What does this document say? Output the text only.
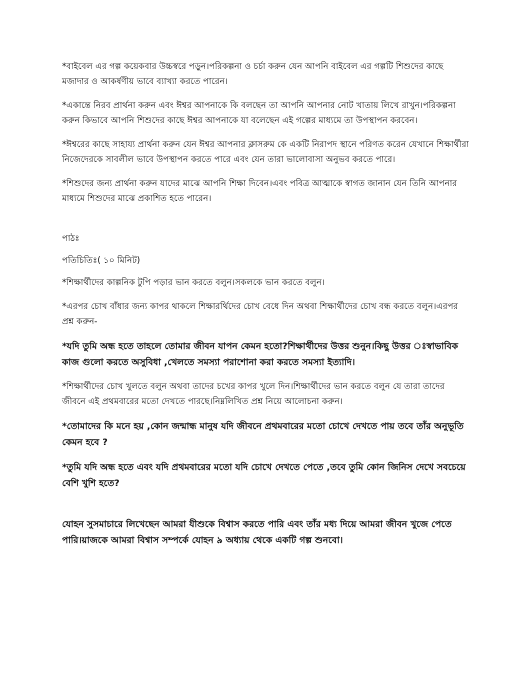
*বাইবেল এর গল্প কয়েকবার উচ্চস্বরে পড়ুন।পরিকল্পনা ও চর্চা করুন যেন আপনি বাইবেল এর গল্পটি শিশুদের কাছে মজাদার ও আকর্ষণীয় ভাবে ব্যাখ্যা করতে পারেন।

*একান্তে নিরব প্রার্থনা করুন এবং ঈশ্বর আপনাকে কি বলছেন তা আপনি আপনার নোট খাতায় লিখে রাখুন।পরিকল্পনা করুন কিভাবে আপনি শিশুদের কাছে ঈশ্বর আপনাকে যা বলেছেন এই গল্পের মাধ্যমে তা উপস্থাপন করবেন।

*ঈশ্বরের কাছে সাহায্য প্রার্থনা করুন যেন ঈশ্বর আপনার ক্লাসরুম কে একটি নিরাপদ স্থানে পরিণত করেন যেখানে শিক্ষার্থীরা নিজেদেরকে সাবলীল ভাবে উপস্থাপন করতে পারে এবং যেন তারা ভালোবাসা অনুভব করতে পারে।

*শিশুদের জন্য প্রার্থনা করুন যাদের মাঝে আপনি শিক্ষা দিবেন।এবং পবিত্র আত্মাকে স্বাগত জানান যেন তিনি আপনার মাধ্যমে শিশুদের মাঝে প্রকাশিত হতে পারেন।

পাঠঃ

পতিচিতিঃ( ১০ মিনিট)

*শিক্ষার্থীদের কাল্পনিক টুপি পড়ার ভান করতে বলুন।সকলকে ভান করতে বলুন।

*এরপর চোখ বাঁধার জন্য কাপর থাকলে শিক্ষারর্থিদের চোখ বেধে দিন অথবা শিক্ষার্থীদের চোখ বন্ধ করতে বলুন।এরপর প্রশ্ন করুন-

*যদি তুমি অন্ধ হতে তাহলে তোমার জীবন যাপন কেমন হতো?শিক্ষার্থীদের উত্তর শুনুন।কিছু উত্তর ঃস্বাভাবিক কাজ গুলো করতে অসুবিধা ,খেলতে সমস্যা পরাশোনা করা করতে সমস্যা ইত্যাদি।

*শিক্ষার্থীদের চোখ খুলতে বলুন অথবা তাদের চখের কাপর খুলে দিন।শিক্ষার্থীদের ভান করতে বলুন যে তারা তাদের জীবনে এই প্রথমবারের মতো দেখতে পারছে।নিম্নলিখিত প্রশ্ন নিয়ে আলোচনা করুন।

*তোমাদের কি মনে হয় ,কোন জন্মান্ধ মানুষ যদি জীবনে প্রথমবারের মতো চোখে দেখতে পায় তবে তাঁর অনুভূতি কেমন হবে ?

*তুমি যদি অন্ধ হতে এবং যদি প্রথমবারের মতো যদি চোখে দেখতে পেতে ,তবে তুমি কোন জিনিস দেখে সবচেয়ে বেশি খুশি হতে?

যোহন সুসমাচারে লিখেছেন আমরা যীশুকে বিশ্বাস করতে পারি এবং তাঁর মধ্য দিয়ে আমরা জীবন খুজে পেতে পারি।য়াজকে আমরা বিশ্বাস সম্পর্কে যোহন ৯ অধ্যায় থেকে একটি গল্প শুনবো।
